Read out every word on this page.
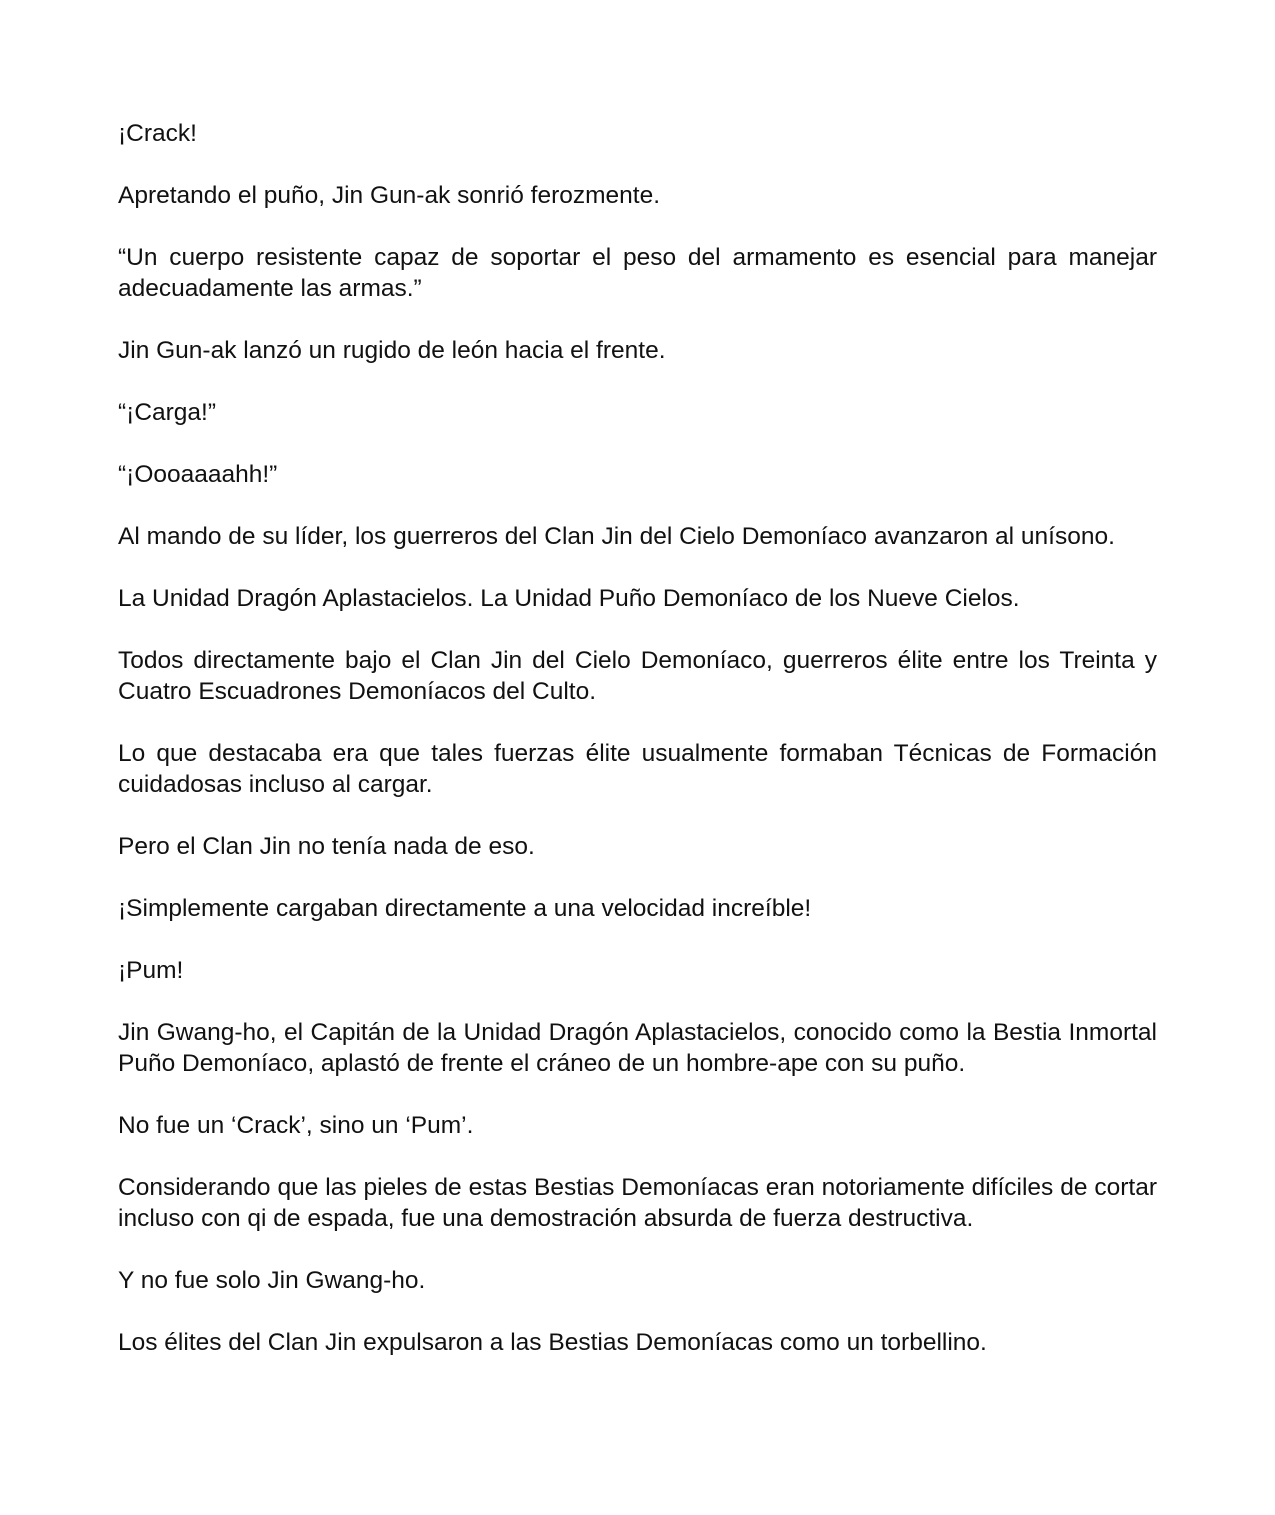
¡Crack!

Apretando el puño, Jin Gun-ak sonrió ferozmente.

“Un cuerpo resistente capaz de soportar el peso del armamento es esencial para manejar adecuadamente las armas.”

Jin Gun-ak lanzó un rugido de león hacia el frente.

“¡Carga!”

“¡Oooaaaahh!”

Al mando de su líder, los guerreros del Clan Jin del Cielo Demoníaco avanzaron al unísono.

La Unidad Dragón Aplastacielos. La Unidad Puño Demoníaco de los Nueve Cielos.

Todos directamente bajo el Clan Jin del Cielo Demoníaco, guerreros élite entre los Treinta y Cuatro Escuadrones Demoníacos del Culto.

Lo que destacaba era que tales fuerzas élite usualmente formaban Técnicas de Formación cuidadosas incluso al cargar.

Pero el Clan Jin no tenía nada de eso.

¡Simplemente cargaban directamente a una velocidad increíble!

¡Pum!

Jin Gwang-ho, el Capitán de la Unidad Dragón Aplastacielos, conocido como la Bestia Inmortal Puño Demoníaco, aplastó de frente el cráneo de un hombre-ape con su puño.

No fue un ‘Crack’, sino un ‘Pum’.

Considerando que las pieles de estas Bestias Demoníacas eran notoriamente difíciles de cortar incluso con qi de espada, fue una demostración absurda de fuerza destructiva.

Y no fue solo Jin Gwang-ho.

Los élites del Clan Jin expulsaron a las Bestias Demoníacas como un torbellino.
